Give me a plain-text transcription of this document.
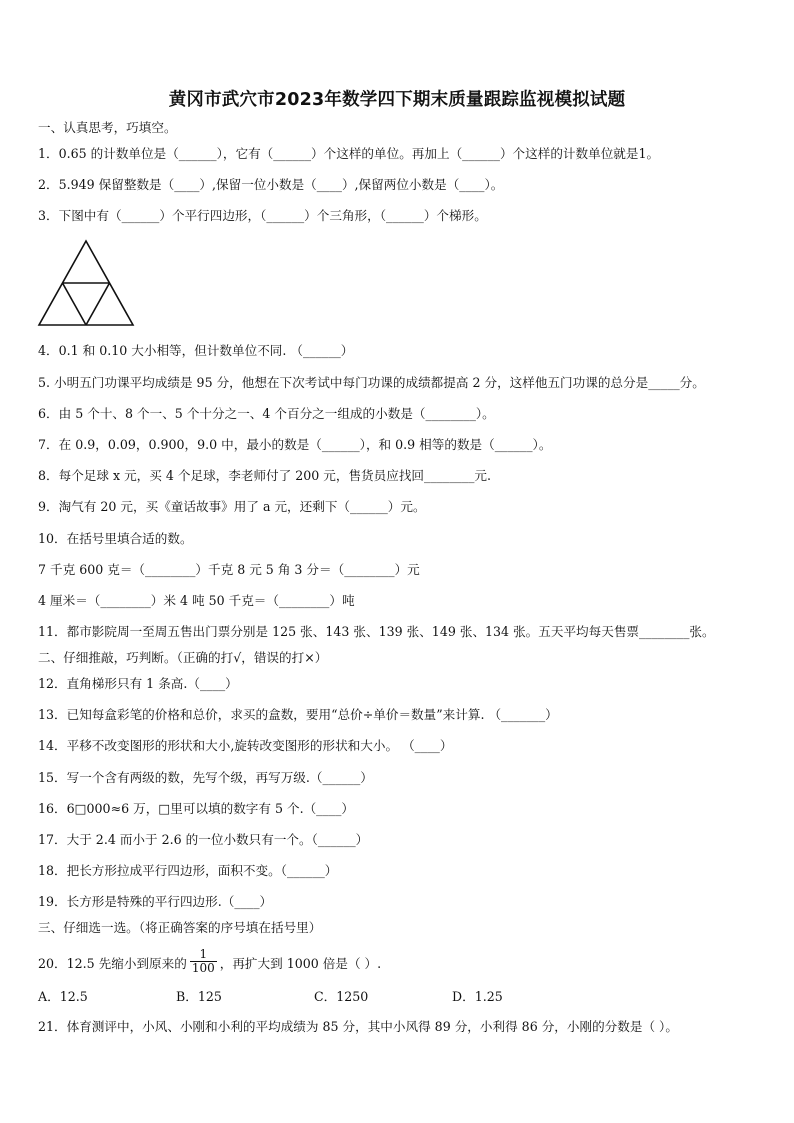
黄冈市武穴市2023年数学四下期末质量跟踪监视模拟试题
一、认真思考，巧填空。
1．0.65 的计数单位是（______），它有（______）个这样的单位。再加上（______）个这样的计数单位就是1。
2．5.949 保留整数是（____）,保留一位小数是（____）,保留两位小数是（____）。
3．下图中有（______）个平行四边形，（______）个三角形，（______）个梯形。
4．0.1 和 0.10 大小相等，但计数单位不同. （______）
5. 小明五门功课平均成绩是 95 分，他想在下次考试中每门功课的成绩都提高 2 分，这样他五门功课的总分是_____分。
6．由 5 个十、8 个一、5 个十分之一、4 个百分之一组成的小数是（________）。
7．在 0.9，0.09，0.900，9.0 中，最小的数是（______），和 0.9 相等的数是（______）。
8．每个足球 x 元，买 4 个足球，李老师付了 200 元，售货员应找回________元.
9．淘气有 20 元，买《童话故事》用了 a 元，还剩下（______）元。
10．在括号里填合适的数。
7 千克 600 克＝（________）千克 8 元 5 角 3 分＝（________）元
4 厘米＝（________）米 4 吨 50 千克＝（________）吨
11．都市影院周一至周五售出门票分别是 125 张、143 张、139 张、149 张、134 张。五天平均每天售票________张。
二、仔细推敲，巧判断。（正确的打√，错误的打×）
12．直角梯形只有 1 条高.（____）
13．已知每盒彩笔的价格和总价，求买的盒数，要用“总价÷单价＝数量”来计算. （_______）
14．平移不改变图形的形状和大小,旋转改变图形的形状和大小。 （____）
15．写一个含有两级的数，先写个级，再写万级.（______）
16．6□000≈6 万，□里可以填的数字有 5 个.（____）
17．大于 2.4 而小于 2.6 的一位小数只有一个。（______）
18．把长方形拉成平行四边形，面积不变。（______）
19．长方形是特殊的平行四边形.（____）
三、仔细选一选。（将正确答案的序号填在括号里）
20．12.5 先缩小到原来的 $\frac{1}{100}$ ，再扩大到 1000 倍是（ ）.
A．12.5	B．125	C．1250	D．1.25
21．体育测评中，小风、小刚和小利的平均成绩为 85 分，其中小风得 89 分，小利得 86 分，小刚的分数是（ ）。
